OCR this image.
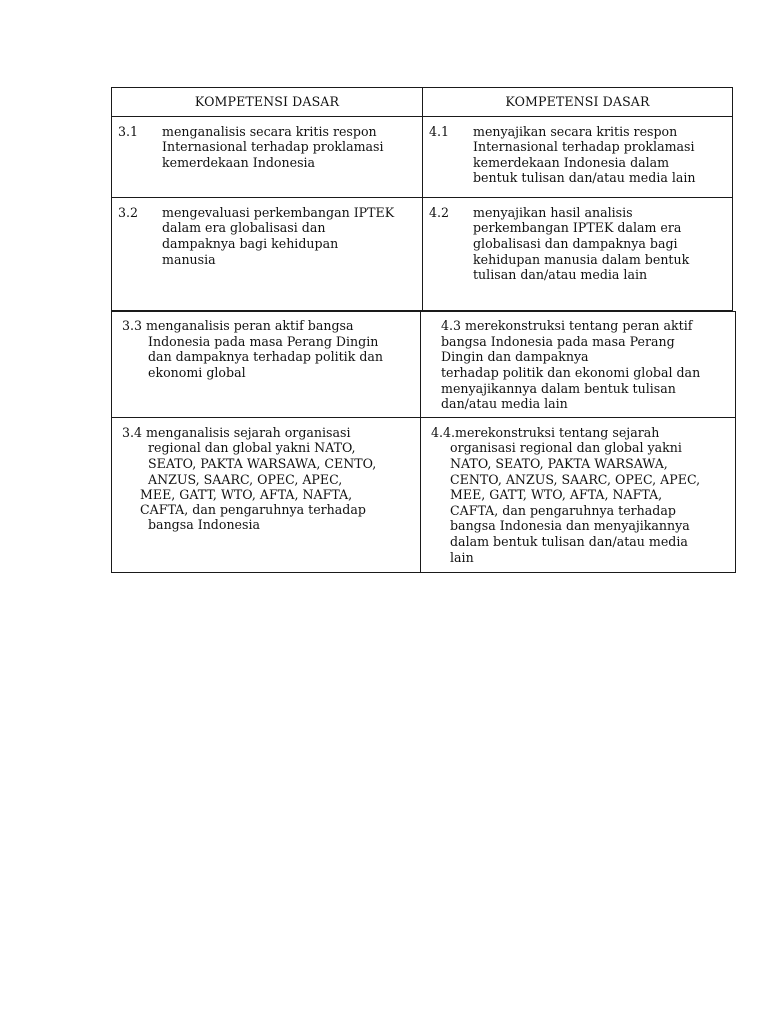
KOMPETENSI DASAR	KOMPETENSI DASAR
3.1 menganalisis secara kritis respon
Internasional terhadap proklamasi
kemerdekaan Indonesia
4.1 menyajikan secara kritis respon
Internasional terhadap proklamasi
kemerdekaan Indonesia dalam
bentuk tulisan dan/atau media lain
3.2 mengevaluasi perkembangan IPTEK
dalam era globalisasi dan
dampaknya bagi kehidupan
manusia
4.2 menyajikan hasil analisis
perkembangan IPTEK dalam era
globalisasi dan dampaknya bagi
kehidupan manusia dalam bentuk
tulisan dan/atau media lain
3.3 menganalisis peran aktif bangsa
Indonesia pada masa Perang Dingin
dan dampaknya terhadap politik dan
ekonomi global
4.3 merekonstruksi tentang peran aktif
bangsa Indonesia pada masa Perang
Dingin dan dampaknya
terhadap politik dan ekonomi global dan
menyajikannya dalam bentuk tulisan
dan/atau media lain
3.4 menganalisis sejarah organisasi
regional dan global yakni NATO,
SEATO, PAKTA WARSAWA, CENTO,
ANZUS, SAARC, OPEC, APEC,
MEE, GATT, WTO, AFTA, NAFTA,
CAFTA, dan pengaruhnya terhadap
bangsa Indonesia
4.4.merekonstruksi tentang sejarah
organisasi regional dan global yakni
NATO, SEATO, PAKTA WARSAWA,
CENTO, ANZUS, SAARC, OPEC, APEC,
MEE, GATT, WTO, AFTA, NAFTA,
CAFTA, dan pengaruhnya terhadap
bangsa Indonesia dan menyajikannya
dalam bentuk tulisan dan/atau media
lain
